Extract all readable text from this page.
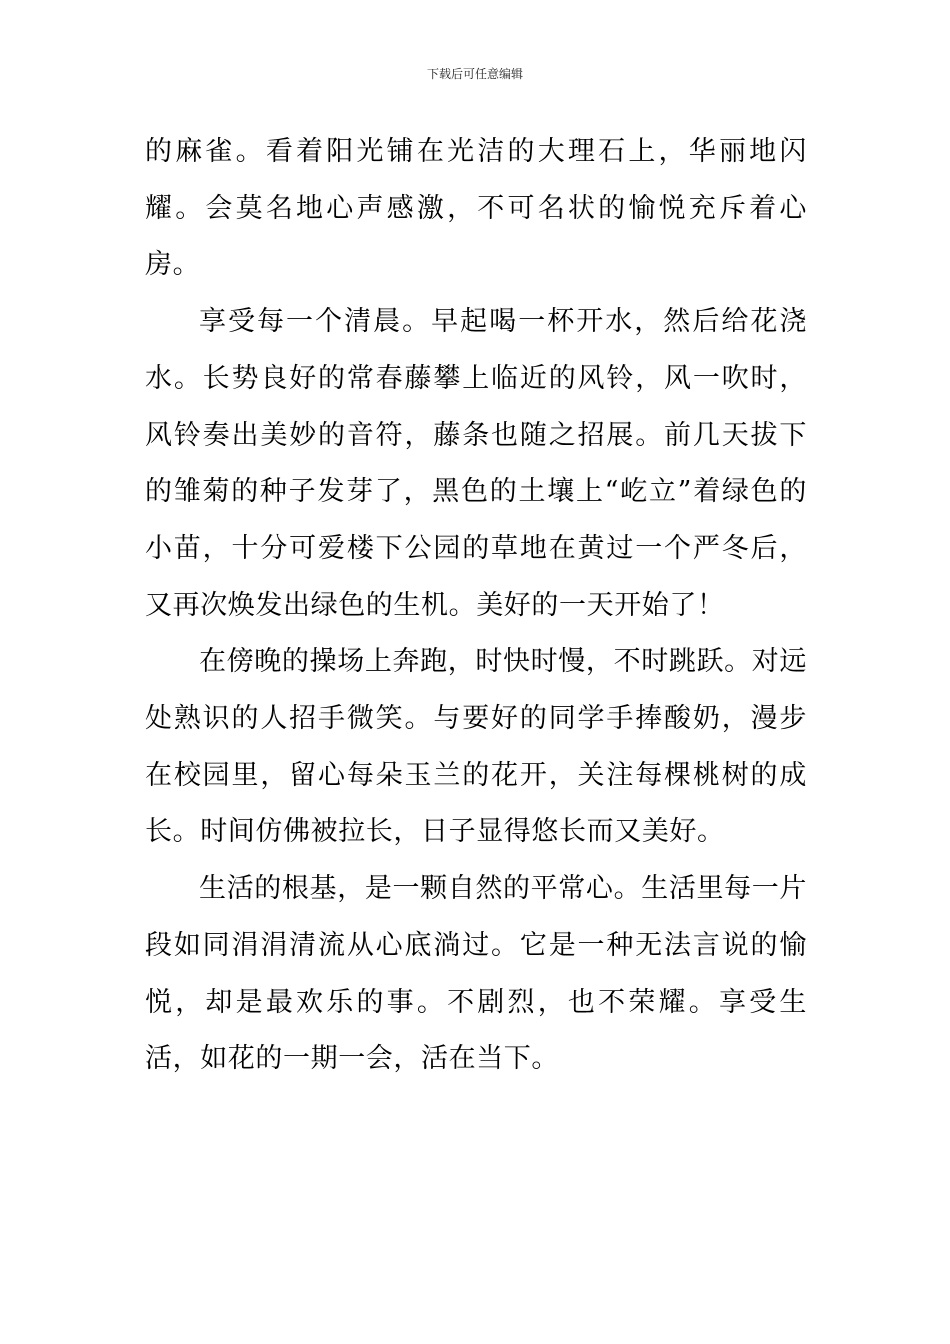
下载后可任意编辑

的麻雀。看着阳光铺在光洁的大理石上，华丽地闪耀。会莫名地心声感激，不可名状的愉悦充斥着心房。

享受每一个清晨。早起喝一杯开水，然后给花浇水。长势良好的常春藤攀上临近的风铃，风一吹时，风铃奏出美妙的音符，藤条也随之招展。前几天拔下的雏菊的种子发芽了，黑色的土壤上“屹立”着绿色的小苗，十分可爱楼下公园的草地在黄过一个严冬后，又再次焕发出绿色的生机。美好的一天开始了！

在傍晚的操场上奔跑，时快时慢，不时跳跃。对远处熟识的人招手微笑。与要好的同学手捧酸奶，漫步在校园里，留心每朵玉兰的花开，关注每棵桃树的成长。时间仿佛被拉长，日子显得悠长而又美好。

生活的根基，是一颗自然的平常心。生活里每一片段如同涓涓清流从心底淌过。它是一种无法言说的愉悦，却是最欢乐的事。不剧烈，也不荣耀。享受生活，如花的一期一会，活在当下。
